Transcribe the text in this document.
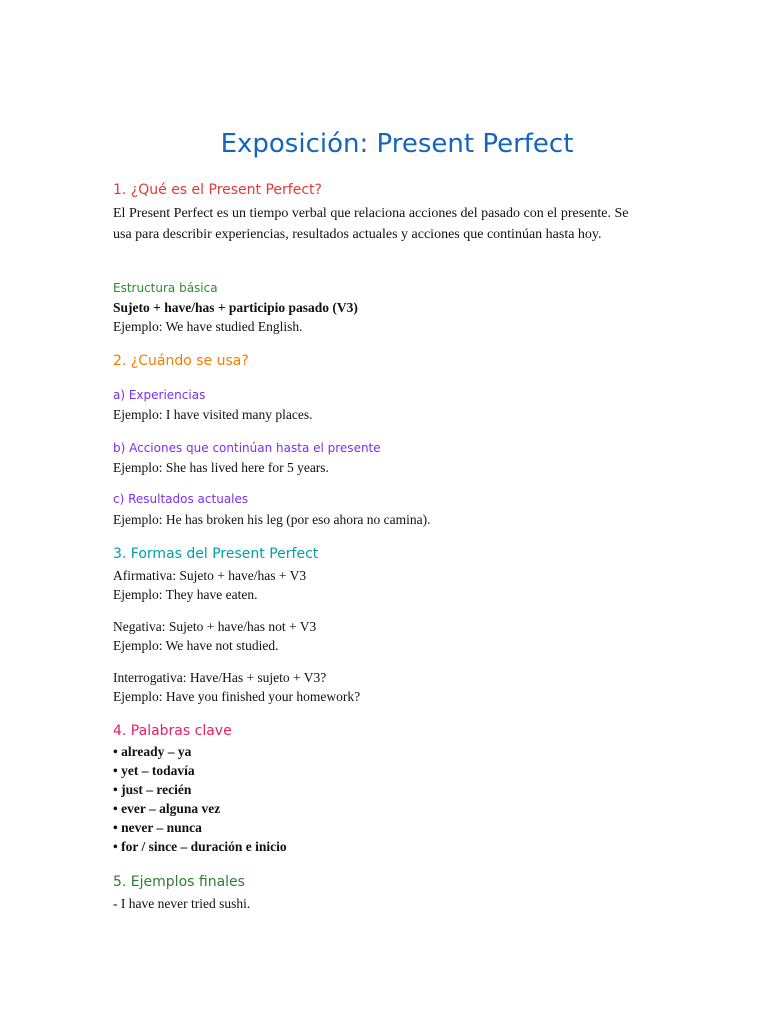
Exposición: Present Perfect
1. ¿Qué es el Present Perfect?
El Present Perfect es un tiempo verbal que relaciona acciones del pasado con el presente. Se usa para describir experiencias, resultados actuales y acciones que continúan hasta hoy.
Estructura básica
Sujeto + have/has + participio pasado (V3)
Ejemplo: We have studied English.
2. ¿Cuándo se usa?
a) Experiencias
Ejemplo: I have visited many places.
b) Acciones que continúan hasta el presente
Ejemplo: She has lived here for 5 years.
c) Resultados actuales
Ejemplo: He has broken his leg (por eso ahora no camina).
3. Formas del Present Perfect
Afirmativa: Sujeto + have/has + V3
Ejemplo: They have eaten.
Negativa: Sujeto + have/has not + V3
Ejemplo: We have not studied.
Interrogativa: Have/Has + sujeto + V3?
Ejemplo: Have you finished your homework?
4. Palabras clave
• already – ya
• yet – todavía
• just – recién
• ever – alguna vez
• never – nunca
• for / since – duración e inicio
5. Ejemplos finales
- I have never tried sushi.
